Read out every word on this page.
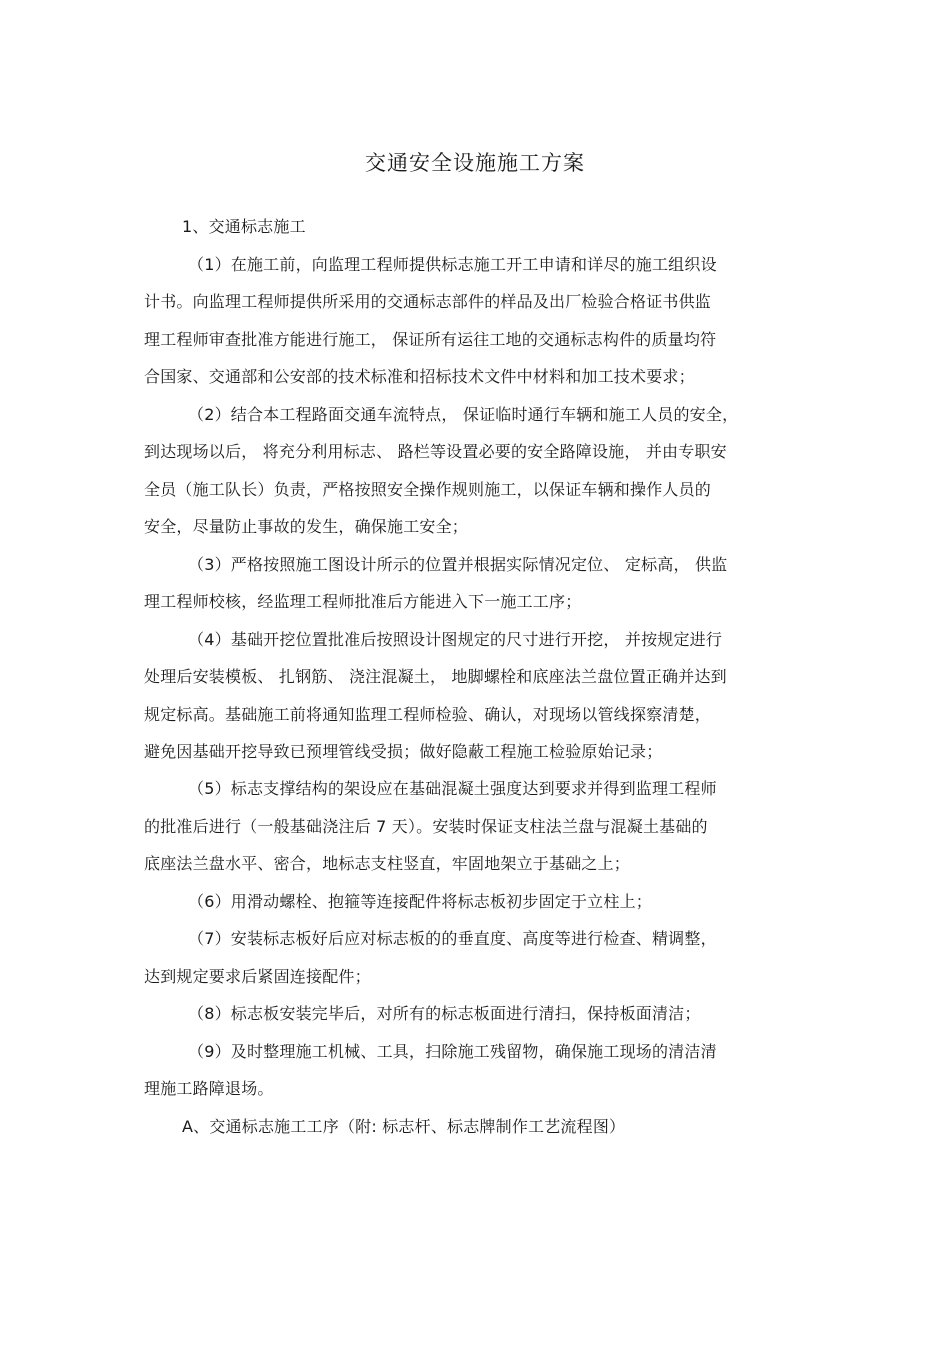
交通安全设施施工方案
1、交通标志施工
（1）在施工前，向监理工程师提供标志施工开工申请和详尽的施工组织设
计书。向监理工程师提供所采用的交通标志部件的样品及出厂检验合格证书供监
理工程师审查批准方能进行施工， 保证所有运往工地的交通标志构件的质量均符
合国家、交通部和公安部的技术标准和招标技术文件中材料和加工技术要求；
（2）结合本工程路面交通车流特点， 保证临时通行车辆和施工人员的安全，
到达现场以后， 将充分利用标志、 路栏等设置必要的安全路障设施， 并由专职安
全员（施工队长）负责，严格按照安全操作规则施工，以保证车辆和操作人员的
安全，尽量防止事故的发生，确保施工安全；
（3）严格按照施工图设计所示的位置并根据实际情况定位、 定标高， 供监
理工程师校核，经监理工程师批准后方能进入下一施工工序；
（4）基础开挖位置批准后按照设计图规定的尺寸进行开挖， 并按规定进行
处理后安装模板、 扎钢筋、 浇注混凝土， 地脚螺栓和底座法兰盘位置正确并达到
规定标高。基础施工前将通知监理工程师检验、确认，对现场以管线探察清楚，
避免因基础开挖导致已预埋管线受损；做好隐蔽工程施工检验原始记录；
（5）标志支撑结构的架设应在基础混凝土强度达到要求并得到监理工程师
的批准后进行（一般基础浇注后 7 天）。安装时保证支柱法兰盘与混凝土基础的
底座法兰盘水平、密合，地标志支柱竖直，牢固地架立于基础之上；
（6）用滑动螺栓、抱箍等连接配件将标志板初步固定于立柱上；
（7）安装标志板好后应对标志板的的垂直度、高度等进行检查、精调整，
达到规定要求后紧固连接配件；
（8）标志板安装完毕后，对所有的标志板面进行清扫，保持板面清洁；
（9）及时整理施工机械、工具，扫除施工残留物，确保施工现场的清洁清
理施工路障退场。
A、交通标志施工工序（附: 标志杆、标志牌制作工艺流程图）
